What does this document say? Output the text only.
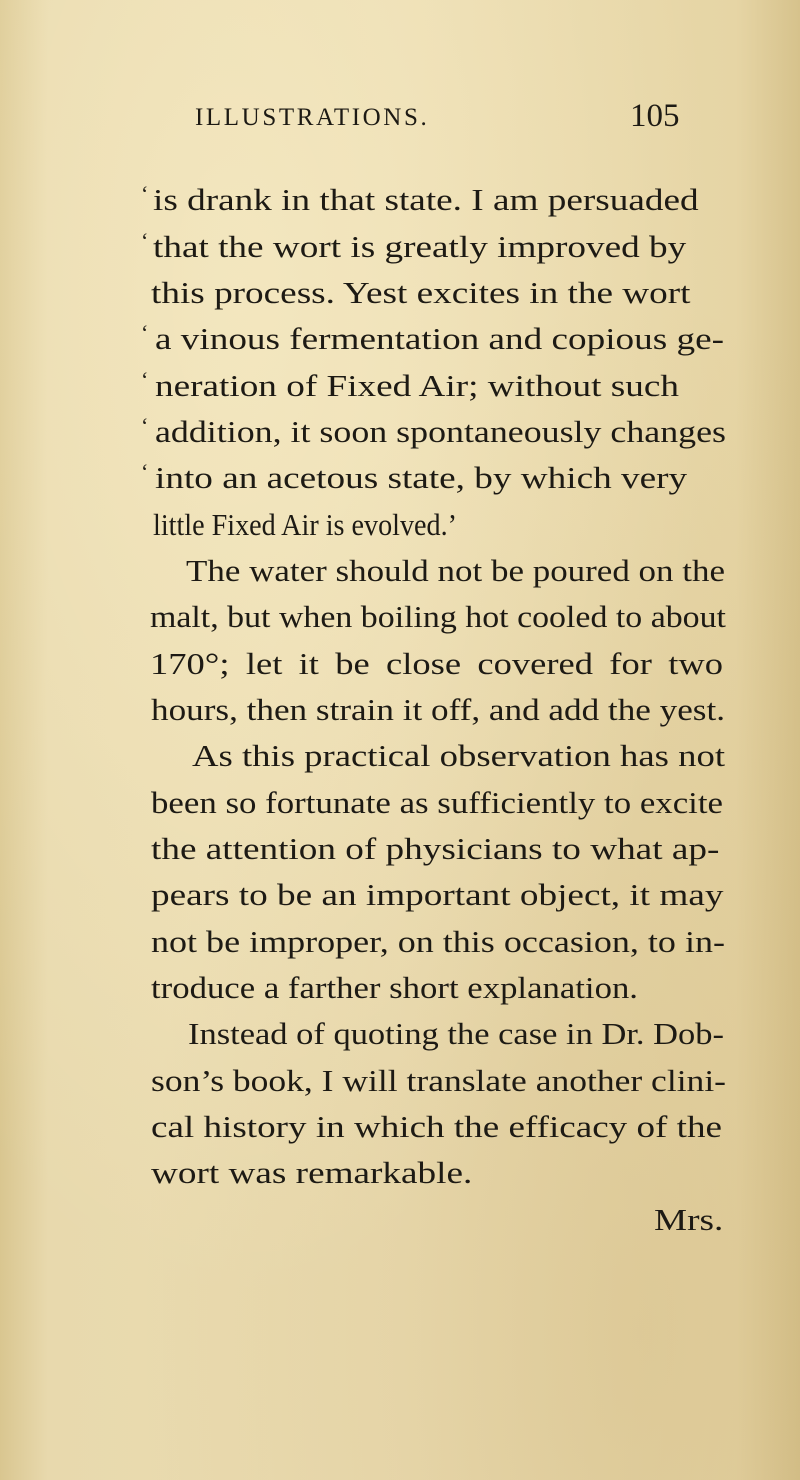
ILLUSTRATIONS.	105
‘ is drank in that state. I am persuaded
‘ that the wort is greatly improved by
this process. Yest excites in the wort
‘ a vinous fermentation and copious ge-
‘ neration of Fixed Air; without such
‘ addition, it soon spontaneously changes
‘ into an acetous state, by which very
little Fixed Air is evolved.’
The water should not be poured on the
malt, but when boiling hot cooled to about
170°; let it be close covered for two
hours, then strain it off, and add the yest.
As this practical observation has not
been so fortunate as sufficiently to excite
the attention of physicians to what ap-
pears to be an important object, it may
not be improper, on this occasion, to in-
troduce a farther short explanation.
Instead of quoting the case in Dr. Dob-
son’s book, I will translate another clini-
cal history in which the efficacy of the
wort was remarkable.
Mrs.
